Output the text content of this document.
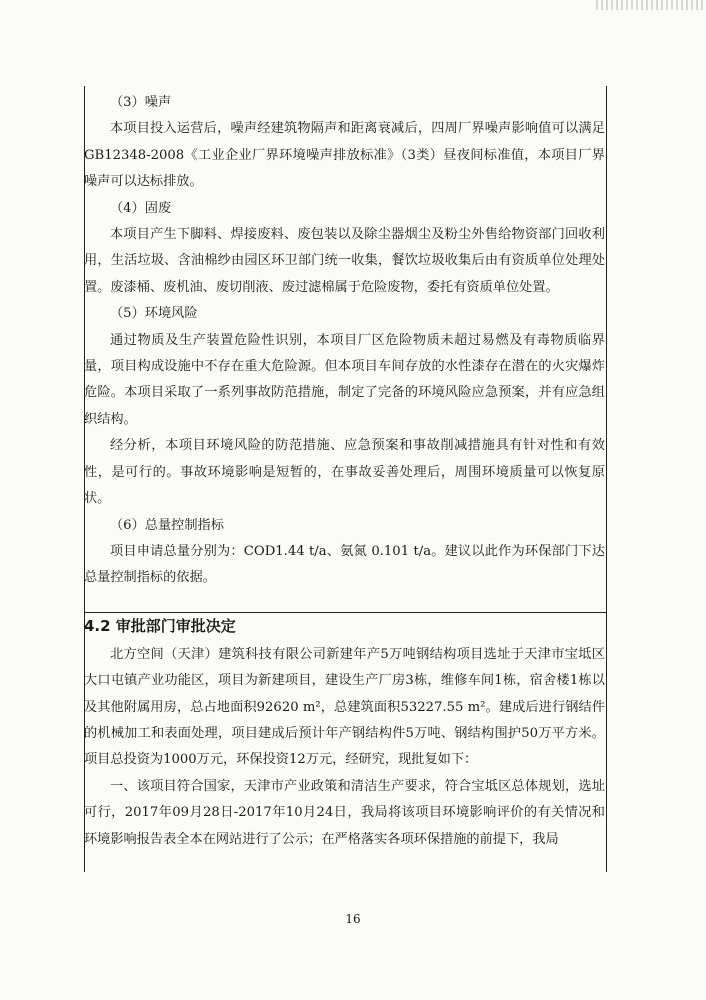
（3）噪声

本项目投入运营后，噪声经建筑物隔声和距离衰减后，四周厂界噪声影响值可以满足GB12348-2008《工业企业厂界环境噪声排放标准》（3类）昼夜间标准值，本项目厂界噪声可以达标排放。

（4）固废

本项目产生下脚料、焊接废料、废包装以及除尘器烟尘及粉尘外售给物资部门回收利用，生活垃圾、含油棉纱由园区环卫部门统一收集，餐饮垃圾收集后由有资质单位处理处置。废漆桶、废机油、废切削液、废过滤棉属于危险废物，委托有资质单位处置。

（5）环境风险

通过物质及生产装置危险性识别，本项目厂区危险物质未超过易燃及有毒物质临界量，项目构成设施中不存在重大危险源。但本项目车间存放的水性漆存在潜在的火灾爆炸危险。本项目采取了一系列事故防范措施，制定了完备的环境风险应急预案，并有应急组织结构。

经分析，本项目环境风险的防范措施、应急预案和事故削减措施具有针对性和有效性，是可行的。事故环境影响是短暂的，在事故妥善处理后，周围环境质量可以恢复原状。

（6）总量控制指标

项目申请总量分别为：COD1.44 t/a、氨氮 0.101 t/a。建议以此作为环保部门下达总量控制指标的依据。

4.2 审批部门审批决定

北方空间（天津）建筑科技有限公司新建年产5万吨钢结构项目选址于天津市宝坻区大口屯镇产业功能区，项目为新建项目，建设生产厂房3栋，维修车间1栋，宿舍楼1栋以及其他附属用房，总占地面积92620 m²，总建筑面积53227.55 m²。建成后进行钢结件的机械加工和表面处理，项目建成后预计年产钢结构件5万吨、钢结构围护50万平方米。项目总投资为1000万元，环保投资12万元，经研究，现批复如下：

一、该项目符合国家，天津市产业政策和清洁生产要求，符合宝坻区总体规划，选址可行，2017年09月28日-2017年10月24日，我局将该项目环境影响评价的有关情况和环境影响报告表全本在网站进行了公示；在严格落实各项环保措施的前提下，我局

16
